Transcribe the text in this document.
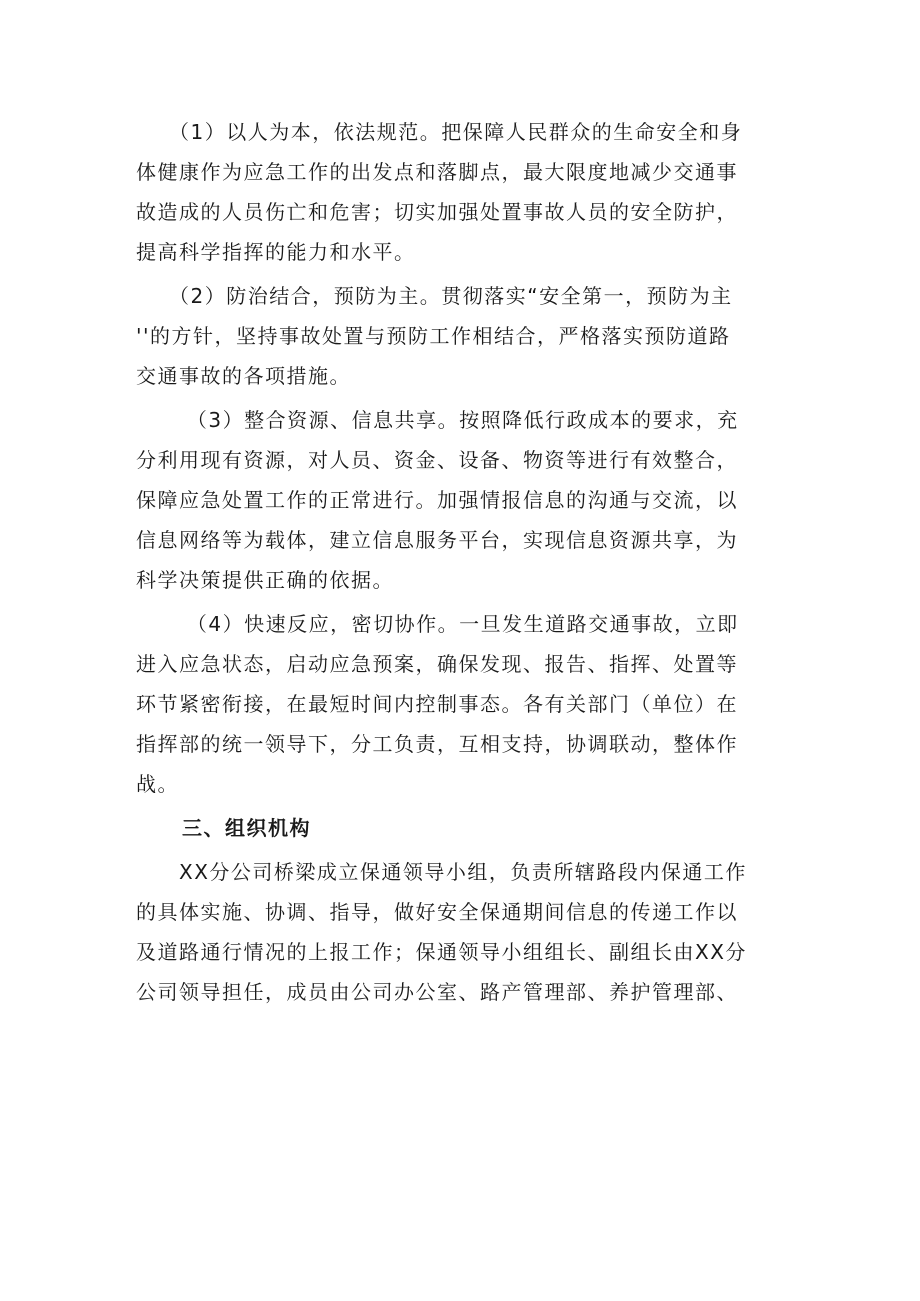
　　（1）以人为本，依法规范。把保障人民群众的生命安全和身
体健康作为应急工作的出发点和落脚点，最大限度地减少交通事
故造成的人员伤亡和危害；切实加强处置事故人员的安全防护，
提高科学指挥的能力和水平。

　　（2）防治结合，预防为主。贯彻落实“安全第一，预防为主
''的方针，坚持事故处置与预防工作相结合，严格落实预防道路
交通事故的各项措施。

　　 （3）整合资源、信息共享。按照降低行政成本的要求，充
分利用现有资源，对人员、资金、设备、物资等进行有效整合，
保障应急处置工作的正常进行。加强情报信息的沟通与交流，以
信息网络等为载体，建立信息服务平台，实现信息资源共享，为
科学决策提供正确的依据。

　　 （4）快速反应，密切协作。一旦发生道路交通事故，立即
进入应急状态，启动应急预案，确保发现、报告、指挥、处置等
环节紧密衔接，在最短时间内控制事态。各有关部门（单位）在
指挥部的统一领导下，分工负责，互相支持，协调联动，整体作
战。

三、组织机构

　　XX分公司桥梁成立保通领导小组，负责所辖路段内保通工作
的具体实施、协调、指导，做好安全保通期间信息的传递工作以
及道路通行情况的上报工作；保通领导小组组长、副组长由XX分
公司领导担任，成员由公司办公室、路产管理部、养护管理部、
